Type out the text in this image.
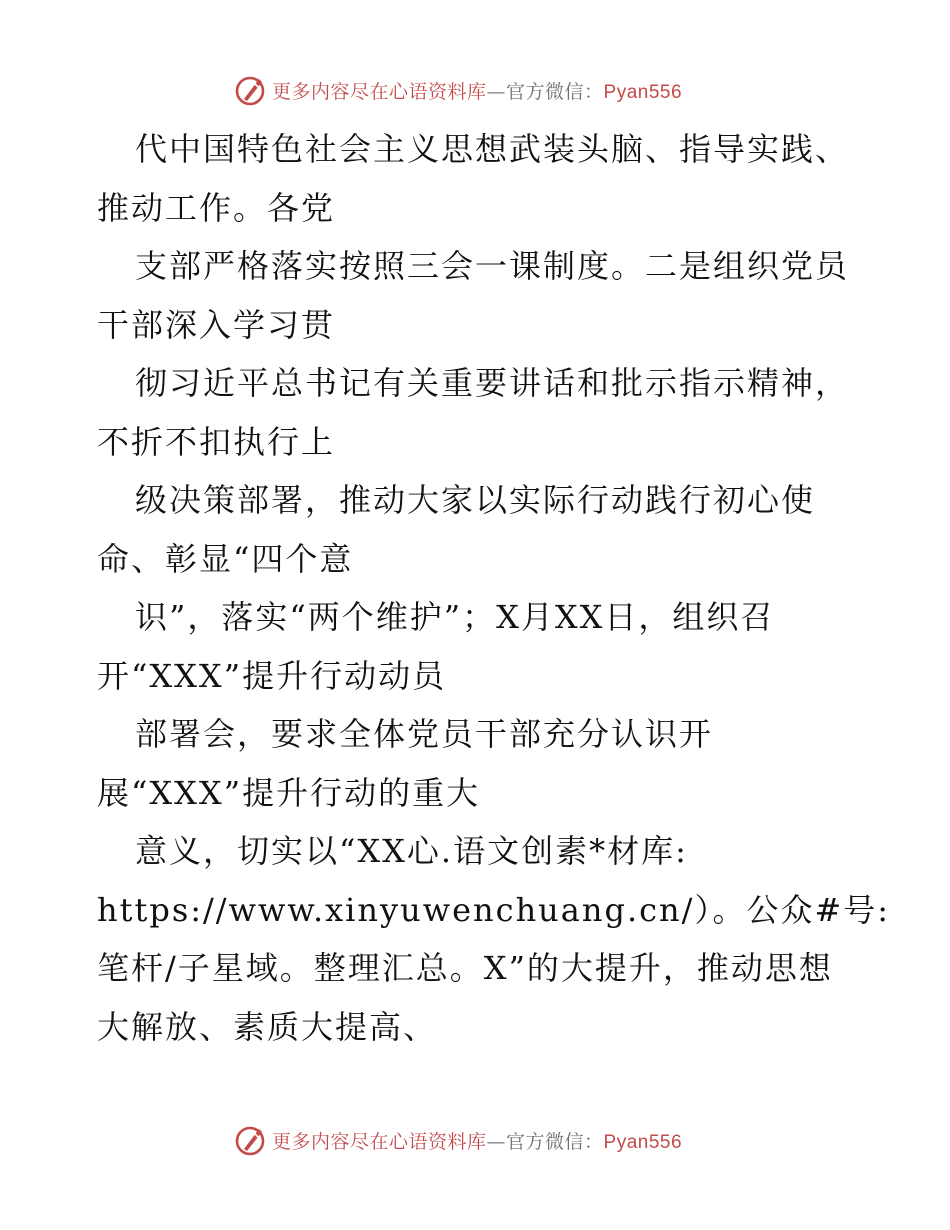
更多内容尽在心语资料库—官方微信：Pyan556
代中国特色社会主义思想武装头脑、指导实践、
推动工作。各党
支部严格落实按照三会一课制度。二是组织党员
干部深入学习贯
彻习近平总书记有关重要讲话和批示指示精神，
不折不扣执行上
级决策部署，推动大家以实际行动践行初心使
命、彰显“四个意
识”，落实“两个维护”；X月XX日，组织召
开“XXX”提升行动动员
部署会，要求全体党员干部充分认识开
展“XXX”提升行动的重大
意义，切实以“XX心.语文创素*材库:
https://www.xinyuwenchuang.cn/）。公众#号:
笔杆/子星域。整理汇总。X”的大提升，推动思想
大解放、素质大提高、
更多内容尽在心语资料库—官方微信：Pyan556
